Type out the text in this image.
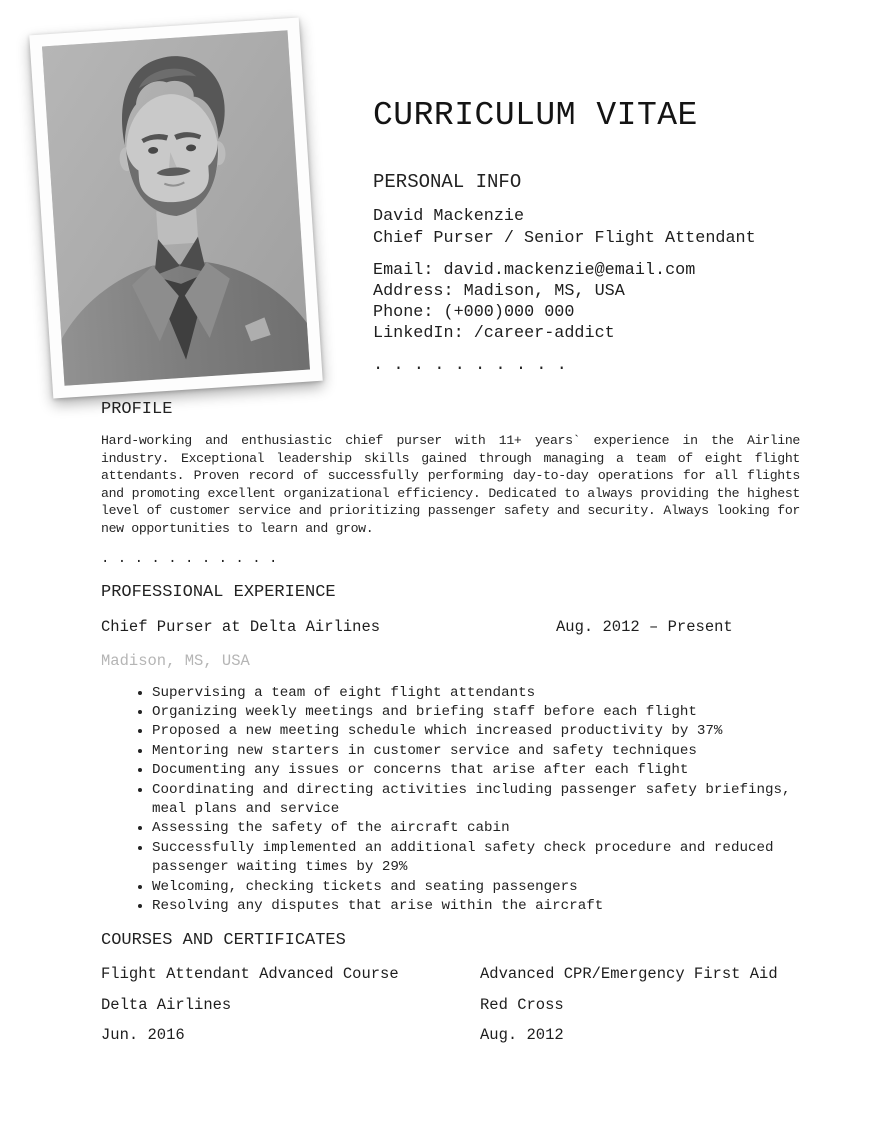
CURRICULUM VITAE
PERSONAL INFO
David Mackenzie
Chief Purser / Senior Flight Attendant
Email: david.mackenzie@email.com
Address: Madison, MS, USA
Phone: (+000)000 000
LinkedIn: /career-addict
. . . . . . . . . .
PROFILE

Hard-working and enthusiastic chief purser with 11+ years` experience in the Airline industry. Exceptional leadership skills gained through managing a team of eight flight attendants. Proven record of successfully performing day-to-day operations for all flights and promoting excellent organizational efficiency. Dedicated to always providing the highest level of customer service and prioritizing passenger safety and security. Always looking for new opportunities to learn and grow.

. . . . . . . . . . .
PROFESSIONAL EXPERIENCE
Chief Purser at Delta Airlines	Aug. 2012 – Present
Madison, MS, USA
• Supervising a team of eight flight attendants
• Organizing weekly meetings and briefing staff before each flight
• Proposed a new meeting schedule which increased productivity by 37%
• Mentoring new starters in customer service and safety techniques
• Documenting any issues or concerns that arise after each flight
• Coordinating and directing activities including passenger safety briefings, meal plans and service
• Assessing the safety of the aircraft cabin
• Successfully implemented an additional safety check procedure and reduced passenger waiting times by 29%
• Welcoming, checking tickets and seating passengers
• Resolving any disputes that arise within the aircraft
COURSES AND CERTIFICATES
Flight Attendant Advanced Course
Delta Airlines
Jun. 2016
Advanced CPR/Emergency First Aid
Red Cross
Aug. 2012
